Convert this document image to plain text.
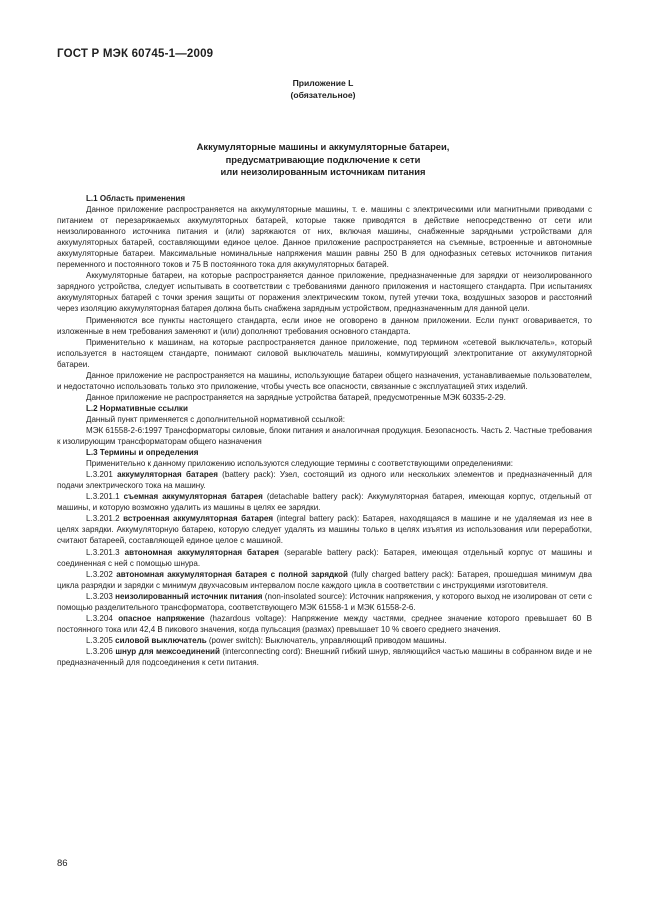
ГОСТ Р МЭК 60745-1—2009
Приложение L
(обязательное)
Аккумуляторные машины и аккумуляторные батареи,
предусматривающие подключение к сети
или неизолированным источникам питания

L.1 Область применения

Данное приложение распространяется на аккумуляторные машины, т. е. машины с электрическими или магнитными приводами с питанием от перезаряжаемых аккумуляторных батарей, которые также приводятся в действие непосредственно от сети или неизолированного источника питания и (или) заряжаются от них, включая машины, снабженные зарядными устройствами для аккумуляторных батарей, составляющими единое целое. Данное приложение распространяется на съемные, встроенные и автономные аккумуляторные батареи. Максимальные номинальные напряжения машин равны 250 В для однофазных сетевых источников питания переменного и постоянного токов и 75 В постоянного тока для аккумуляторных батарей.

Аккумуляторные батареи, на которые распространяется данное приложение, предназначенные для зарядки от неизолированного зарядного устройства, следует испытывать в соответствии с требованиями данного приложения и настоящего стандарта. При испытаниях аккумуляторных батарей с точки зрения защиты от поражения электрическим током, путей утечки тока, воздушных зазоров и расстояний через изоляцию аккумуляторная батарея должна быть снабжена зарядным устройством, предназначенным для данной цели.

Применяются все пункты настоящего стандарта, если иное не оговорено в данном приложении. Если пункт оговаривается, то изложенные в нем требования заменяют и (или) дополняют требования основного стандарта.

Применительно к машинам, на которые распространяется данное приложение, под термином «сетевой выключатель», который используется в настоящем стандарте, понимают силовой выключатель машины, коммутирующий электропитание от аккумуляторной батареи.

Данное приложение не распространяется на машины, использующие батареи общего назначения, устанавливаемые пользователем, и недостаточно использовать только это приложение, чтобы учесть все опасности, связанные с эксплуатацией этих изделий.

Данное приложение не распространяется на зарядные устройства батарей, предусмотренные МЭК 60335-2-29.

L.2 Нормативные ссылки

Данный пункт применяется с дополнительной нормативной ссылкой:

МЭК 61558-2-6:1997 Трансформаторы силовые, блоки питания и аналогичная продукция. Безопасность. Часть 2. Частные требования к изолирующим трансформаторам общего назначения

L.3 Термины и определения

Применительно к данному приложению используются следующие термины с соответствующими определениями:

L.3.201 аккумуляторная батарея (battery pack): Узел, состоящий из одного или нескольких элементов и предназначенный для подачи электрического тока на машину.

L.3.201.1 съемная аккумуляторная батарея (detachable battery pack): Аккумуляторная батарея, имеющая корпус, отдельный от машины, и которую возможно удалить из машины в целях ее зарядки.

L.3.201.2 встроенная аккумуляторная батарея (integral battery pack): Батарея, находящаяся в машине и не удаляемая из нее в целях зарядки. Аккумуляторную батарею, которую следует удалять из машины только в целях изъятия из использования или переработки, считают батареей, составляющей единое целое с машиной.

L.3.201.3 автономная аккумуляторная батарея (separable battery pack): Батарея, имеющая отдельный корпус от машины и соединенная с ней с помощью шнура.

L.3.202 автономная аккумуляторная батарея с полной зарядкой (fully charged battery pack): Батарея, прошедшая минимум два цикла разрядки и зарядки с минимум двухчасовым интервалом после каждого цикла в соответствии с инструкциями изготовителя.

L.3.203 неизолированный источник питания (non-insolated source): Источник напряжения, у которого выход не изолирован от сети с помощью разделительного трансформатора, соответствующего МЭК 61558-1 и МЭК 61558-2-6.

L.3.204 опасное напряжение (hazardous voltage): Напряжение между частями, среднее значение которого превышает 60 В постоянного тока или 42,4 В пикового значения, когда пульсация (размах) превышает 10 % своего среднего значения.

L.3.205 силовой выключатель (power switch): Выключатель, управляющий приводом машины.

L.3.206 шнур для межсоединений (interconnecting cord): Внешний гибкий шнур, являющийся частью машины в собранном виде и не предназначенный для подсоединения к сети питания.

86
